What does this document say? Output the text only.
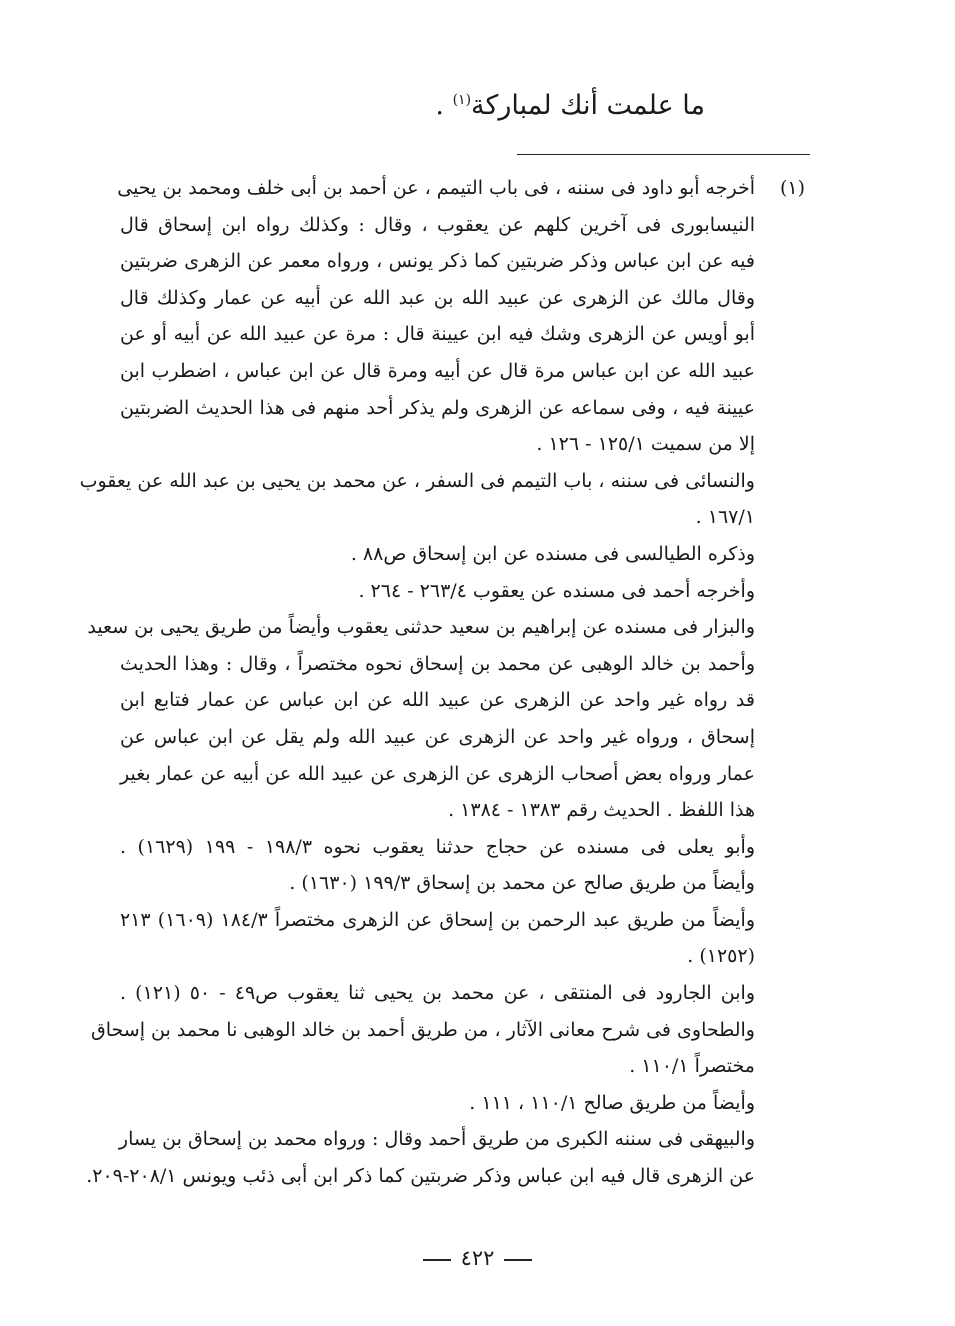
ما علمت أنك لمباركة$^{(١)}$ .
(١)
أخرجه أبو داود فى سننه ، فى باب التيمم ، عن أحمد بن أبى خلف ومحمد بن يحيى
النيسابورى فى آخرين كلهم عن يعقوب ، وقال : وكذلك رواه ابن إسحاق قال
فيه عن ابن عباس وذكر ضربتين كما ذكر يونس ، ورواه معمر عن الزهرى ضربتين
وقال مالك عن الزهرى عن عبيد الله بن عبد الله عن أبيه عن عمار وكذلك قال
أبو أويس عن الزهرى وشك فيه ابن عيينة قال : مرة عن عبيد الله عن أبيه أو عن
عبيد الله عن ابن عباس مرة قال عن أبيه ومرة قال عن ابن عباس ، اضطرب ابن
عيينة فيه ، وفى سماعه عن الزهرى ولم يذكر أحد منهم فى هذا الحديث الضربتين
إلا من سميت ١٢٥/١ - ١٢٦ .
والنسائى فى سننه ، باب التيمم فى السفر ، عن محمد بن يحيى بن عبد الله عن يعقوب
١٦٧/١ .
وذكره الطيالسى فى مسنده عن ابن إسحاق ص٨٨ .
وأخرجه أحمد فى مسنده عن يعقوب ٢٦٣/٤ - ٢٦٤ .
والبزار فى مسنده عن إبراهيم بن سعيد حدثنى يعقوب وأيضاً من طريق يحيى بن سعيد
وأحمد بن خالد الوهبى عن محمد بن إسحاق نحوه مختصراً ، وقال : وهذا الحديث
قد رواه غير واحد عن الزهرى عن عبيد الله عن ابن عباس عن عمار فتابع ابن
إسحاق ، ورواه غير واحد عن الزهرى عن عبيد الله ولم يقل عن ابن عباس عن
عمار ورواه بعض أصحاب الزهرى عن الزهرى عن عبيد الله عن أبيه عن عمار بغير
هذا اللفظ . الحديث رقم ١٣٨٣ - ١٣٨٤ .
وأبو يعلى فى مسنده عن حجاج حدثنا يعقوب نحوه ١٩٨/٣ - ١٩٩ (١٦٢٩) .
وأيضاً من طريق صالح عن محمد بن إسحاق ١٩٩/٣ (١٦٣٠) .
وأيضاً من طريق عبد الرحمن بن إسحاق عن الزهرى مختصراً ١٨٤/٣ (١٦٠٩) ٢١٣
(١٢٥٢) .
وابن الجارود فى المنتقى ، عن محمد بن يحيى ثنا يعقوب ص٤٩ - ٥٠ (١٢١) .
والطحاوى فى شرح معانى الآثار ، من طريق أحمد بن خالد الوهبى نا محمد بن إسحاق
مختصراً ١١٠/١ .
وأيضاً من طريق صالح ١١٠/١ ، ١١١ .
والبيهقى فى سننه الكبرى من طريق أحمد وقال : ورواه محمد بن إسحاق بن يسار
عن الزهرى قال فيه ابن عباس وذكر ضربتين كما ذكر ابن أبى ذئب ويونس ٢٠٨/١-٢٠٩.
٤٢٢
